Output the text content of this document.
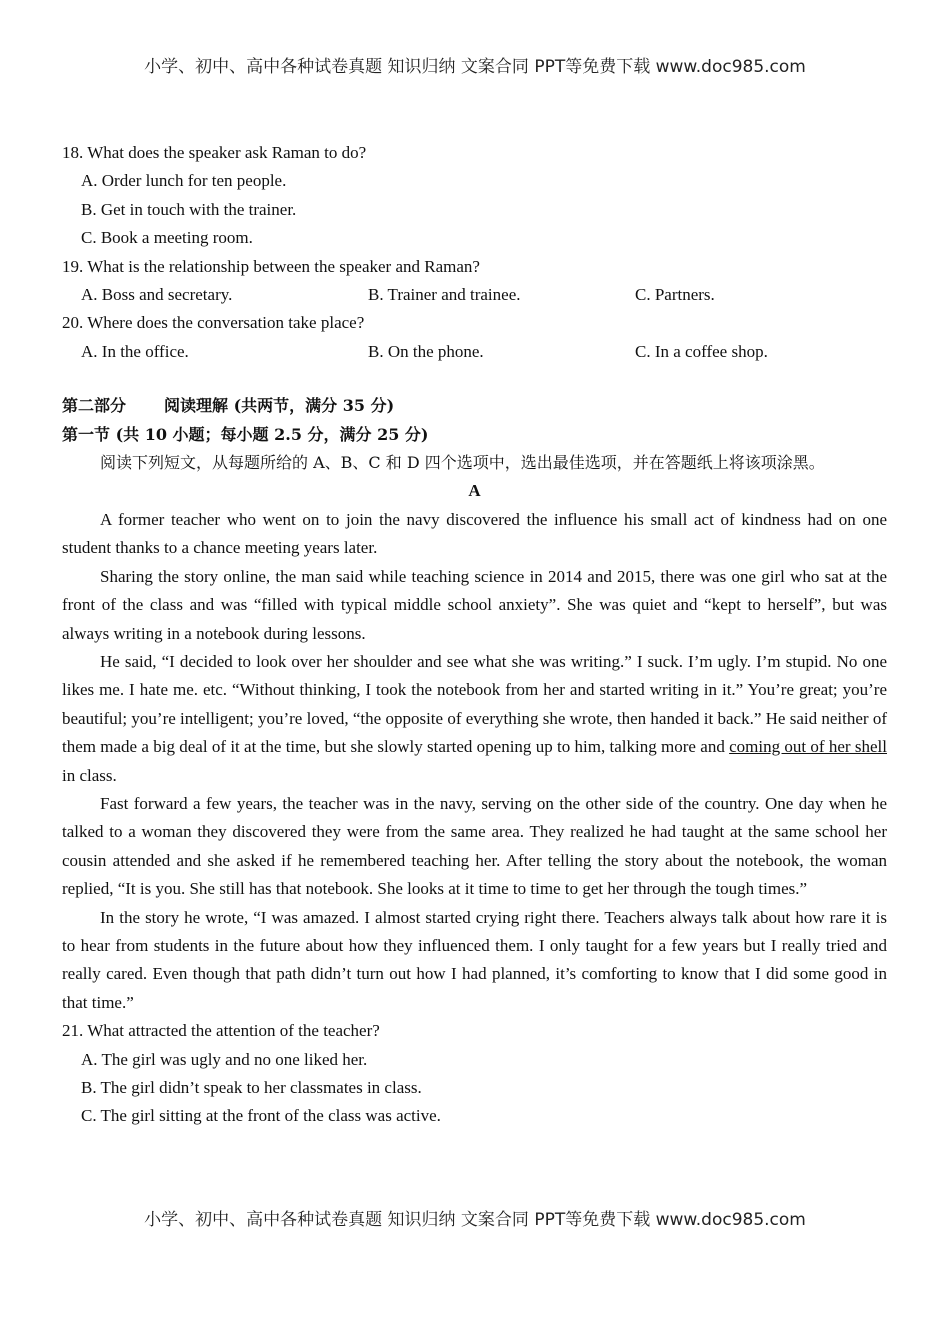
小学、初中、高中各种试卷真题 知识归纳 文案合同 PPT等免费下载 www.doc985.com

18. What does the speaker ask Raman to do?

A. Order lunch for ten people.

B. Get in touch with the trainer.

C. Book a meeting room.

19. What is the relationship between the speaker and Raman?

A. Boss and secretary.	B. Trainer and trainee.	C. Partners.

20. Where does the conversation take place?

A. In the office.	B. On the phone.	C. In a coffee shop.

第二部分 阅读理解 (共两节，满分 35 分)

第一节 (共 10 小题；每小题 2.5 分，满分 25 分)

阅读下列短文，从每题所给的 A、B、C 和 D 四个选项中，选出最佳选项，并在答题纸上将该项涂黑。

A

A former teacher who went on to join the navy discovered the influence his small act of kindness had on one student thanks to a chance meeting years later.

Sharing the story online, the man said while teaching science in 2014 and 2015, there was one girl who sat at the front of the class and was “filled with typical middle school anxiety”. She was quiet and “kept to herself”, but was always writing in a notebook during lessons.

He said, “I decided to look over her shoulder and see what she was writing.” I suck. I’m ugly. I’m stupid. No one likes me. I hate me. etc. “Without thinking, I took the notebook from her and started writing in it.” You’re great; you’re beautiful; you’re intelligent; you’re loved, “the opposite of everything she wrote, then handed it back.” He said neither of them made a big deal of it at the time, but she slowly started opening up to him, talking more and coming out of her shell in class.

Fast forward a few years, the teacher was in the navy, serving on the other side of the country. One day when he talked to a woman they discovered they were from the same area. They realized he had taught at the same school her cousin attended and she asked if he remembered teaching her. After telling the story about the notebook, the woman replied, “It is you. She still has that notebook. She looks at it time to time to get her through the tough times.”

In the story he wrote, “I was amazed. I almost started crying right there. Teachers always talk about how rare it is to hear from students in the future about how they influenced them. I only taught for a few years but I really tried and really cared. Even though that path didn’t turn out how I had planned, it’s comforting to know that I did some good in that time.”

21. What attracted the attention of the teacher?

A. The girl was ugly and no one liked her.

B. The girl didn’t speak to her classmates in class.

C. The girl sitting at the front of the class was active.

小学、初中、高中各种试卷真题 知识归纳 文案合同 PPT等免费下载 www.doc985.com
